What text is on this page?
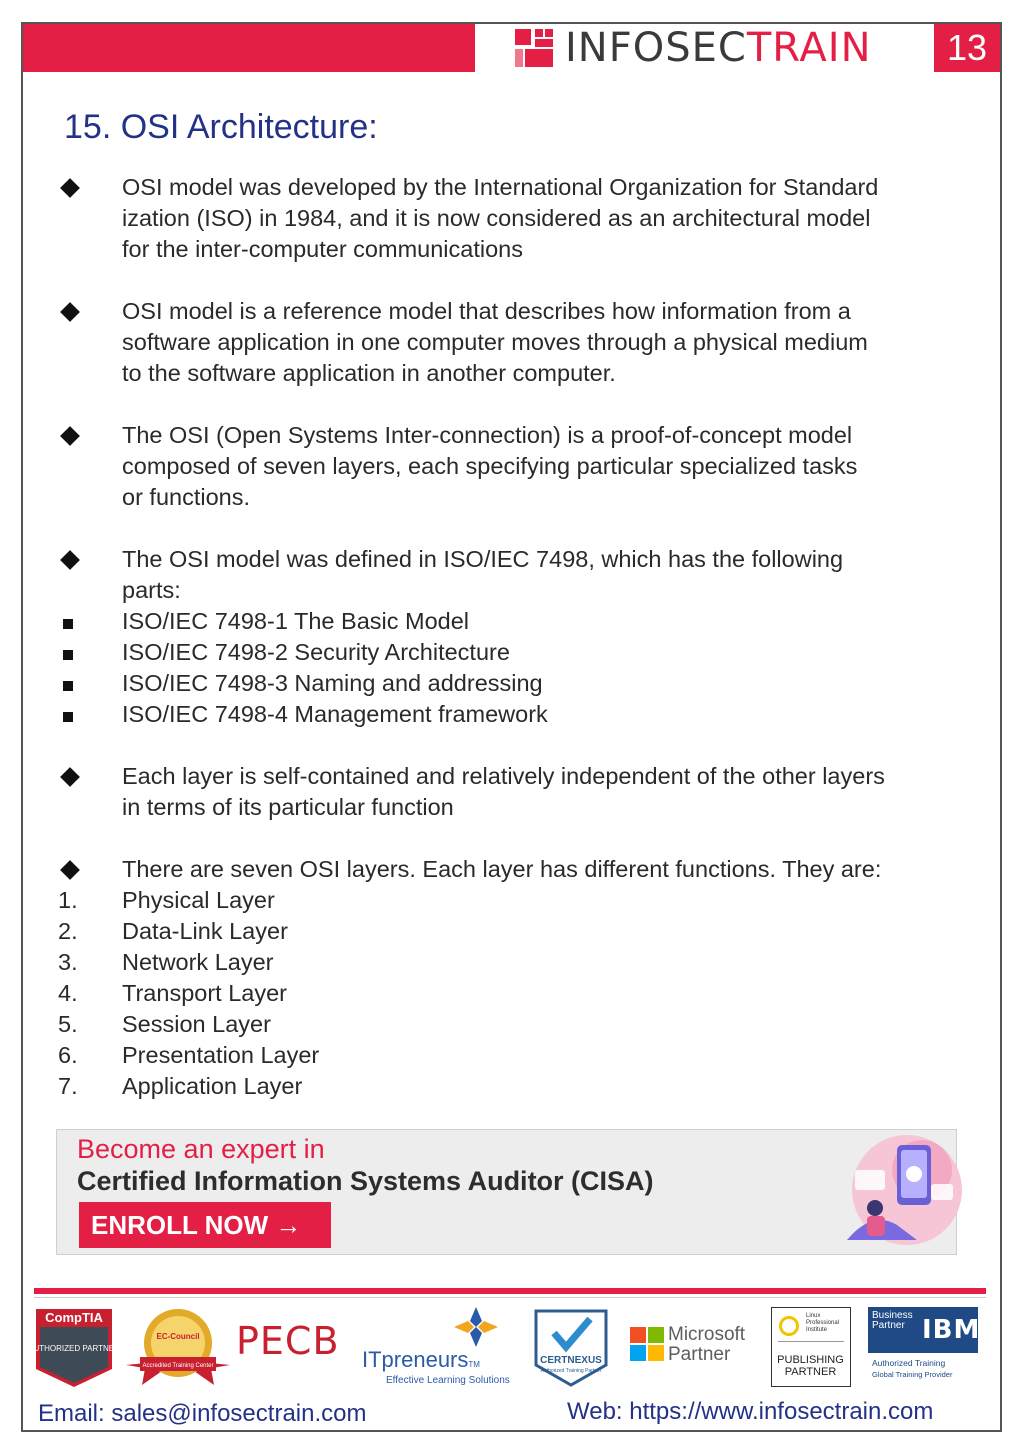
INFOSECTRAIN	13
15. OSI Architecture:
OSI model was developed by the International Organization for Standard
ization (ISO) in 1984, and it is now considered as an architectural model
for the inter-computer communications
OSI model is a reference model that describes how information from a
software application in one computer moves through a physical medium
to the software application in another computer.
The OSI (Open Systems Inter-connection) is a proof-of-concept model
composed of seven layers, each specifying particular specialized tasks
or functions.
The OSI model was defined in ISO/IEC 7498, which has the following
parts:
ISO/IEC 7498-1 The Basic Model
ISO/IEC 7498-2 Security Architecture
ISO/IEC 7498-3 Naming and addressing
ISO/IEC 7498-4 Management framework
Each layer is self-contained and relatively independent of the other layers
in terms of its particular function
There are seven OSI layers. Each layer has different functions. They are:
1.	Physical Layer
2.	Data-Link Layer
3.	Network Layer
4.	Transport Layer
5.	Session Layer
6.	Presentation Layer
7.	Application Layer
Become an expert in
Certified Information Systems Auditor (CISA)
ENROLL NOW →
CompTIA
AUTHORIZED PARTNER
EC-Council
Accredited Training Center
PECB ITpreneursTM
Effective Learning Solutions
CERTNEXUS
Authorized Training Partner
Microsoft
Partner
Linux
Professional
Institute
PUBLISHING
PARTNER
Business
Partner IBM
Authorized Training
Global Training Provider
Email: sales@infosectrain.com	Web: https://www.infosectrain.com
